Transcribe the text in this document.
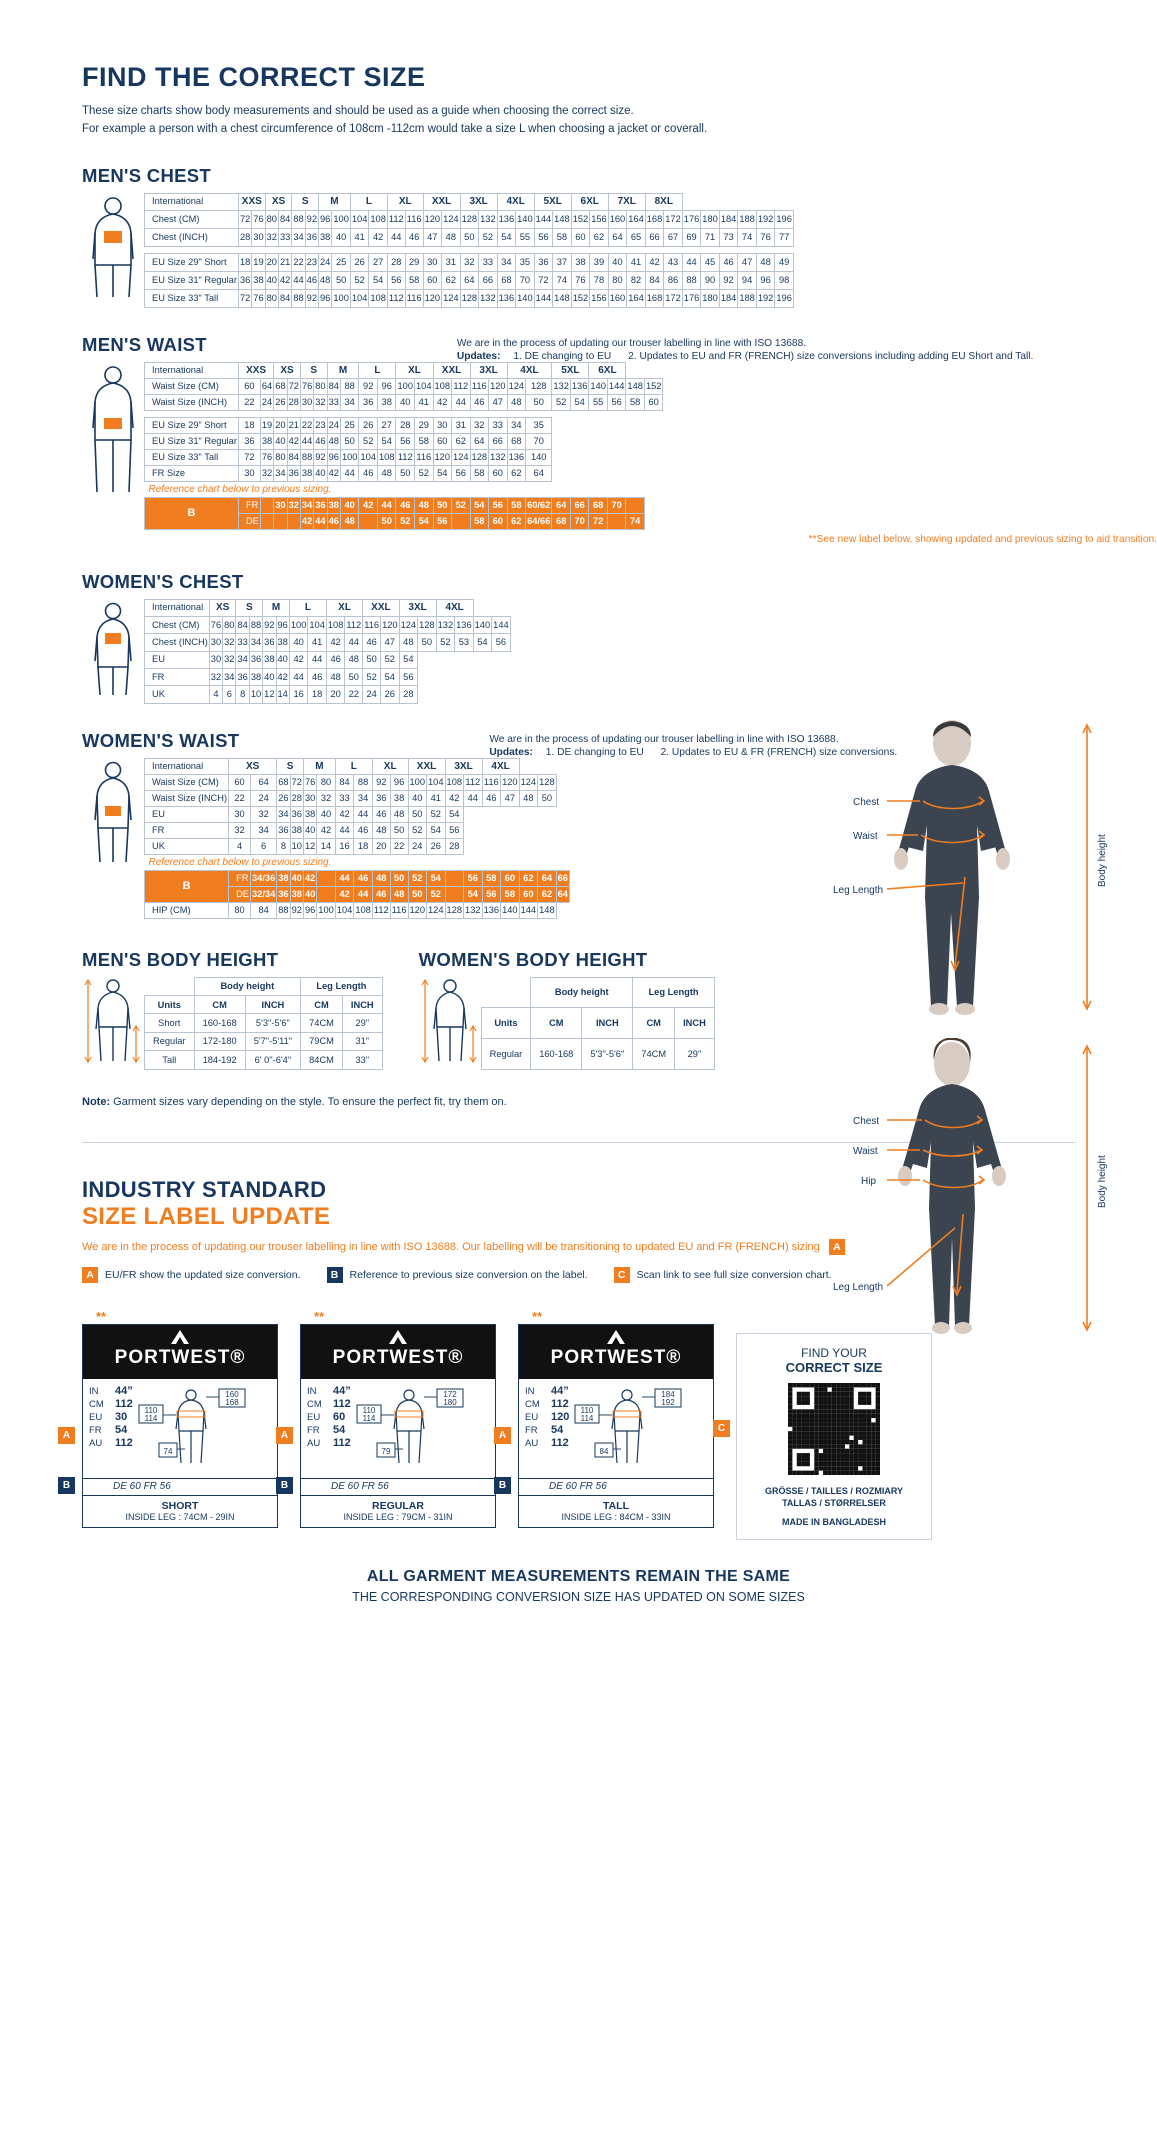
FIND THE CORRECT SIZE
These size charts show body measurements and should be used as a guide when choosing the correct size.
For example a person with a chest circumference of 108cm -112cm would take a size L when choosing a jacket or coverall.
MEN'S CHEST
International	XXS		XS		S		M		L		XL		XXL		3XL		4XL		5XL		6XL		7XL		8XL							
Chest (CM)	72	76	80	84	88	92	96	100	104	108	112	116	120	124	128	132	136	140	144	148	152	156	160	164	168	172	176	180	184	188	192	196
Chest (INCH)	28	30	32	33	34	36	38	40	41	42	44	46	47	48	50	52	54	55	56	58	60	62	64	65	66	67	69	71	73	74	76	77

EU Size 29" Short	18	19	20	21	22	23	24	25	26	27	28	29	30	31	32	33	34	35	36	37	38	39	40	41	42	43	44	45	46	47	48	49
EU Size 31" Regular	36	38	40	42	44	46	48	50	52	54	56	58	60	62	64	66	68	70	72	74	76	78	80	82	84	86	88	90	92	94	96	98
EU Size 33" Tall	72	76	80	84	88	92	96	100	104	108	112	116	120	124	128	132	136	140	144	148	152	156	160	164	168	172	176	180	184	188	192	196
MEN'S WAIST	We are in the process of updating our trouser labelling in line with ISO 13688.
Updates: 1. DE changing to EU 2. Updates to EU and FR (FRENCH) size conversions including adding EU Short and Tall.
International	XXS		XS		S		M		L		XL		XXL		3XL		4XL		5XL		6XL			
Waist Size (CM)	60	64	68	72	76	80	84	88	92	96	100	104	108	112	116	120	124	128	132	136	140	144	148	152
Waist Size (INCH)	22	24	26	28	30	32	33	34	36	38	40	41	42	44	46	47	48	50	52	54	55	56	58	60

EU Size 29" Short	18	19	20	21	22	23	24	25	26	27	28	29	30	31	32	33	34	35						
EU Size 31" Regular	36	38	40	42	44	46	48	50	52	54	56	58	60	62	64	66	68	70						
EU Size 33" Tall	72	76	80	84	88	92	96	100	104	108	112	116	120	124	128	132	136	140						
FR Size	30	32	34	36	38	40	42	44	46	48	50	52	54	56	58	60	62	64						
Reference chart below to previous sizing.																								
B	FR		30	32	34	36	38	40	42	44	46	48	50	52	54	56	58	60/62	64	66	68	70		
	DE				42	44	46	48		50	52	54	56		58	60	62	64/66	68	70	72		74	
**See new label below, showing updated and previous sizing to aid transition.
WOMEN'S CHEST
International	XS		S		M		L		XL		XXL		3XL		4XL			
Chest (CM)	76	80	84	88	92	96	100	104	108	112	116	120	124	128	132	136	140	144
Chest (INCH)	30	32	33	34	36	38	40	41	42	44	46	47	48	50	52	53	54	56
EU	30	32	34	36	38	40	42	44	46	48	50	52	54					
FR	32	34	36	38	40	42	44	46	48	50	52	54	56					
UK	4	6	8	10	12	14	16	18	20	22	24	26	28					
WOMEN'S WAIST	We are in the process of updating our trouser labelling in line with ISO 13688.
Updates: 1. DE changing to EU 2. Updates to EU & FR (FRENCH) size conversions.
International	XS		S		M		L		XL		XXL		3XL		4XL				
Waist Size (CM)	60	64	68	72	76	80	84	88	92	96	100	104	108	112	116	120	124	128	
Waist Size (INCH)	22	24	26	28	30	32	33	34	36	38	40	41	42	44	46	47	48	50	
EU	30	32	34	36	38	40	42	44	46	48	50	52	54						
FR	32	34	36	38	40	42	44	46	48	50	52	54	56						
UK	4	6	8	10	12	14	16	18	20	22	24	26	28						
Reference chart below to previous sizing.																			
B	FR	34/36	38	40	42		44	46	48	50	52	54		56	58	60	62	64	66
	DE	32/34	36	38	40		42	44	46	48	50	52		54	56	58	60	62	64
HIP (CM)	80	84	88	92	96	100	104	108	112	116	120	124	128	132	136	140	144	148	
MEN'S BODY HEIGHT
	Body height		Leg Length	
Units	CM	INCH	CM	INCH
Short	160-168	5'3"-5'6"	74CM	29"
Regular	172-180	5'7"-5'11"	79CM	31"
Tall	184-192	6' 0"-6'4"	84CM	33"
WOMEN'S BODY HEIGHT
	Body height		Leg Length	
Units	CM	INCH	CM	INCH
Regular	160-168	5'3"-5'6"	74CM	29"
Note: Garment sizes vary depending on the style. To ensure the perfect fit, try them on.
Chest
Waist
Leg Length
Body height

Chest
Waist
Hip
Leg Length
Body height
INDUSTRY STANDARD
SIZE LABEL UPDATE
We are in the process of updating our trouser labelling in line with ISO 13688. Our labelling will be transitioning to updated EU and FR (FRENCH) sizing A
A	EU/FR show the updated size conversion.	B	Reference to previous size conversion on the label.	C	Scan link to see full size conversion chart.
**
PORTWEST®
IN	44”
CM	112
EU	30
FR	54
AU	112
110
114
160
168
74
DE 60 FR 56
SHORT
INSIDE LEG : 74CM - 29IN
A
B
**
PORTWEST®
IN	44”
CM	112
EU	60
FR	54
AU	112
110
114
172
180
79
DE 60 FR 56
REGULAR
INSIDE LEG : 79CM - 31IN
A
B
**
PORTWEST®
IN	44”
CM	112
EU	120
FR	54
AU	112
110
114
184
192
84
DE 60 FR 56
TALL
INSIDE LEG : 84CM - 33IN
A
B
C
FIND YOUR
CORRECT SIZE
GRÖSSE / TAILLES / ROZMIARY
TALLAS / STØRRELSER
MADE IN BANGLADESH
ALL GARMENT MEASUREMENTS REMAIN THE SAME
THE CORRESPONDING CONVERSION SIZE HAS UPDATED ON SOME SIZES
